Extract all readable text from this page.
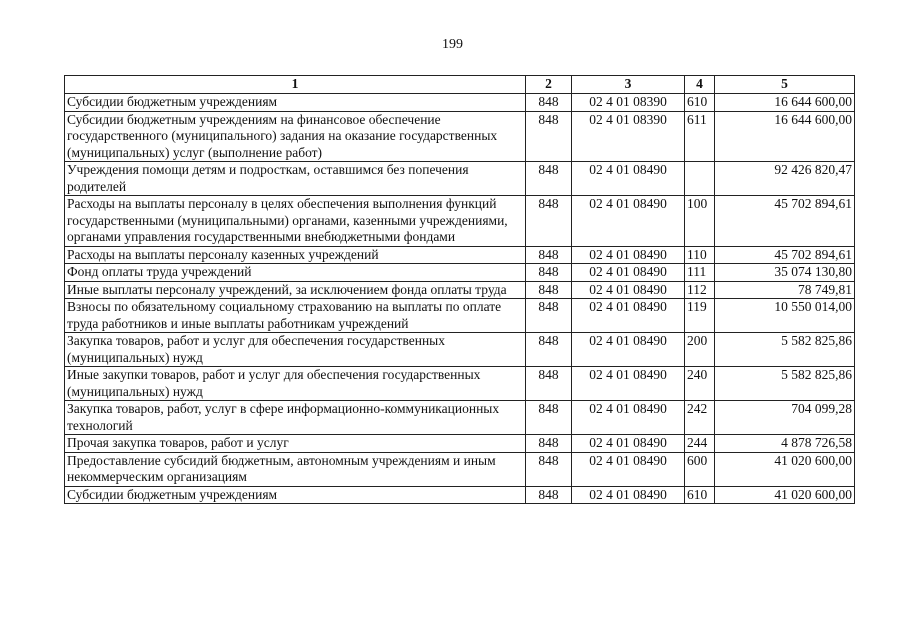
199
1	2	3	4	5
Субсидии бюджетным учреждениям	848	02 4 01 08390	610	16 644 600,00
Субсидии бюджетным учреждениям на финансовое обеспечение государственного (муниципального) задания на оказание государственных (муниципальных) услуг (выполнение работ)	848	02 4 01 08390	611	16 644 600,00
Учреждения помощи детям и подросткам, оставшимся без попечения родителей	848	02 4 01 08490		92 426 820,47
Расходы на выплаты персоналу в целях обеспечения выполнения функций государственными (муниципальными) органами, казенными учреждениями, органами управления государственными внебюджетными фондами	848	02 4 01 08490	100	45 702 894,61
Расходы на выплаты персоналу казенных учреждений	848	02 4 01 08490	110	45 702 894,61
Фонд оплаты труда учреждений	848	02 4 01 08490	111	35 074 130,80
Иные выплаты персоналу учреждений, за исключением фонда оплаты труда	848	02 4 01 08490	112	78 749,81
Взносы по обязательному социальному страхованию на выплаты по оплате труда работников и иные выплаты работникам учреждений	848	02 4 01 08490	119	10 550 014,00
Закупка товаров, работ и услуг для обеспечения государственных (муниципальных) нужд	848	02 4 01 08490	200	5 582 825,86
Иные закупки товаров, работ и услуг для обеспечения государственных (муниципальных) нужд	848	02 4 01 08490	240	5 582 825,86
Закупка товаров, работ, услуг в сфере информационно-коммуникационных технологий	848	02 4 01 08490	242	704 099,28
Прочая закупка товаров, работ и услуг	848	02 4 01 08490	244	4 878 726,58
Предоставление субсидий бюджетным, автономным учреждениям и иным некоммерческим организациям	848	02 4 01 08490	600	41 020 600,00
Субсидии бюджетным учреждениям	848	02 4 01 08490	610	41 020 600,00
